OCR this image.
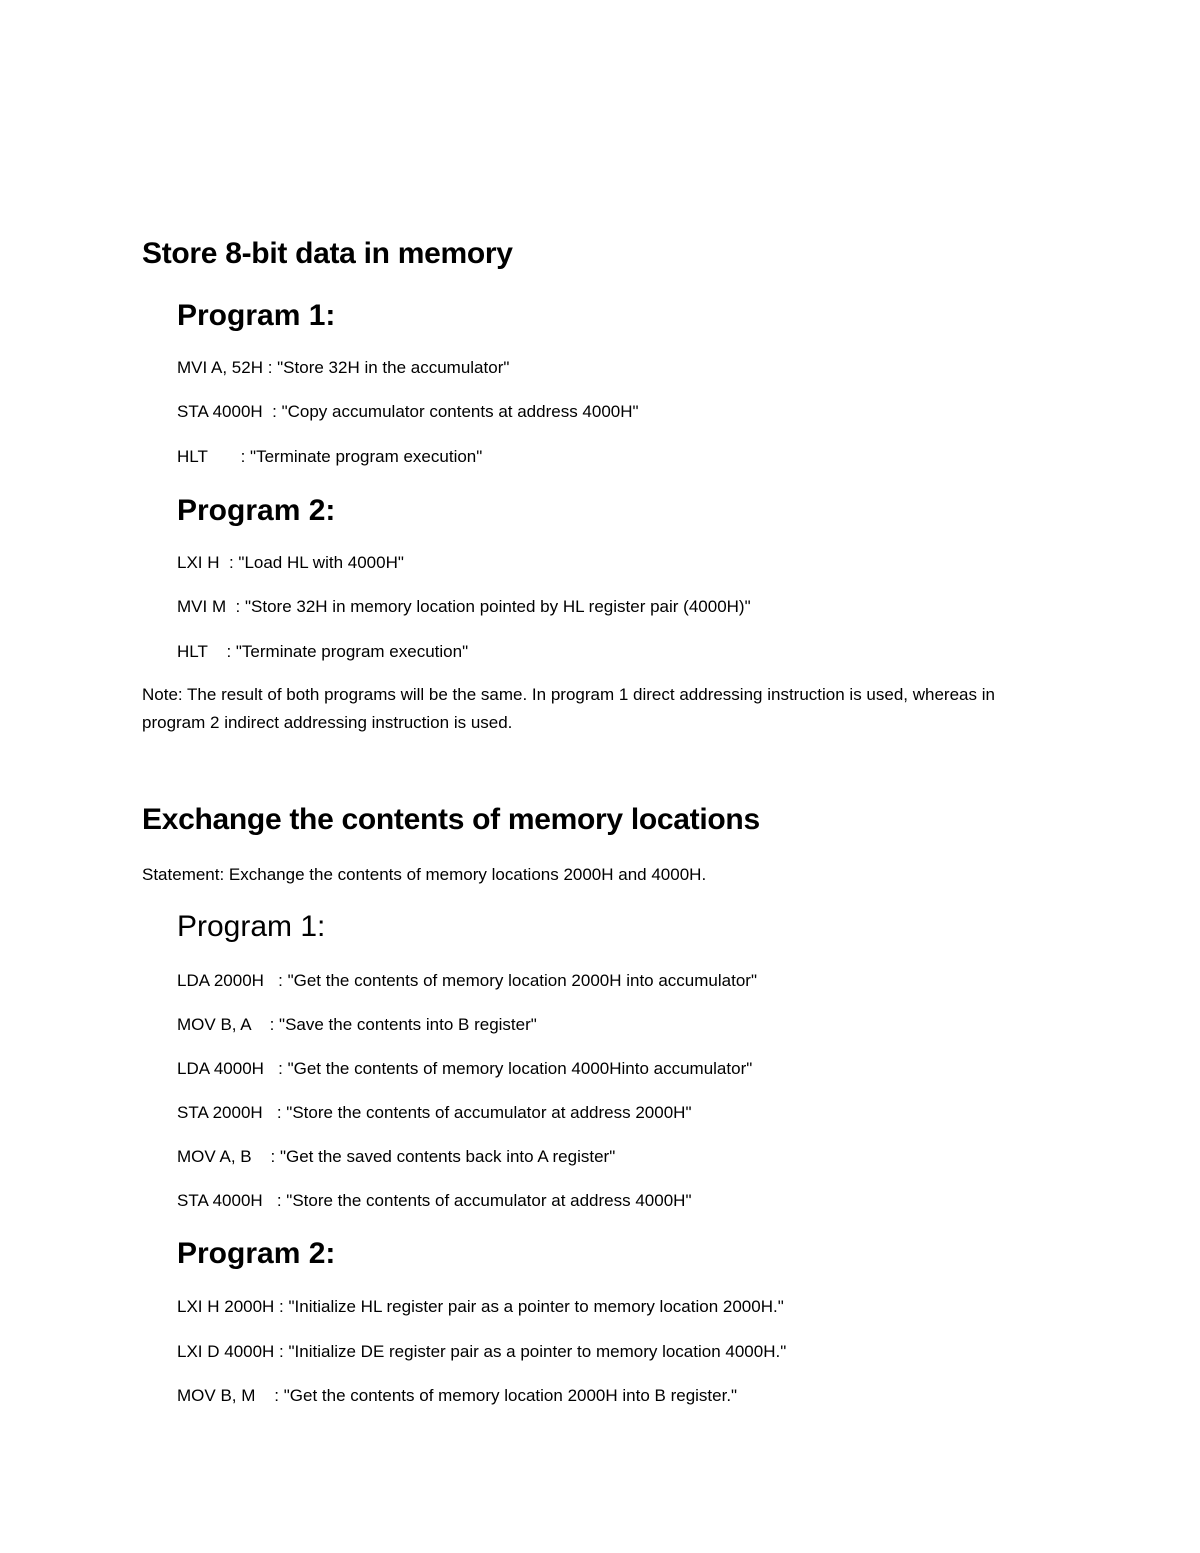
Store 8-bit data in memory
Program 1:
MVI A, 52H : "Store 32H in the accumulator"
STA 4000H  : "Copy accumulator contents at address 4000H"
HLT       : "Terminate program execution"
Program 2:
LXI H  : "Load HL with 4000H"
MVI M  : "Store 32H in memory location pointed by HL register pair (4000H)"
HLT    : "Terminate program execution"
Note: The result of both programs will be the same. In program 1 direct addressing instruction is used, whereas in program 2 indirect addressing instruction is used.
Exchange the contents of memory locations
Statement: Exchange the contents of memory locations 2000H and 4000H.
Program 1:
LDA 2000H   : "Get the contents of memory location 2000H into accumulator"
MOV B, A    : "Save the contents into B register"
LDA 4000H   : "Get the contents of memory location 4000Hinto accumulator"
STA 2000H   : "Store the contents of accumulator at address 2000H"
MOV A, B    : "Get the saved contents back into A register"
STA 4000H   : "Store the contents of accumulator at address 4000H"
Program 2:
LXI H 2000H : "Initialize HL register pair as a pointer to memory location 2000H."
LXI D 4000H : "Initialize DE register pair as a pointer to memory location 4000H."
MOV B, M    : "Get the contents of memory location 2000H into B register."
